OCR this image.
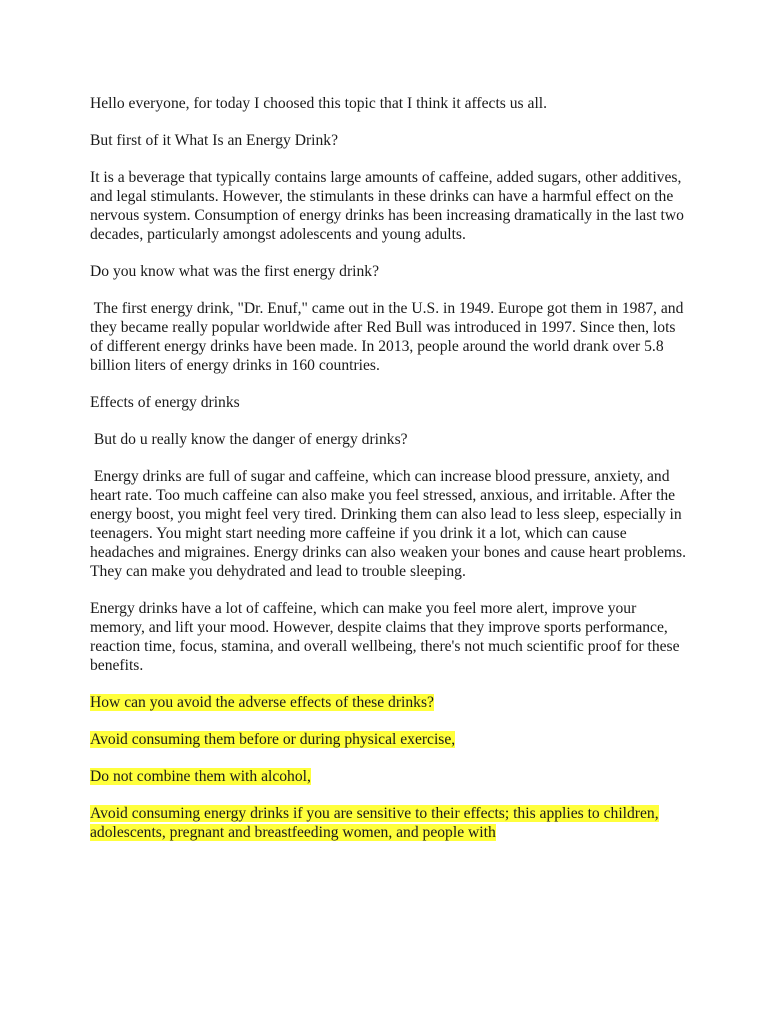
Hello everyone, for today I choosed this topic that I think it affects us all.

But first of it What Is an Energy Drink?

It is a beverage that typically contains large amounts of caffeine, added sugars, other additives, and legal stimulants. However, the stimulants in these drinks can have a harmful effect on the nervous system. Consumption of energy drinks has been increasing dramatically in the last two decades, particularly amongst adolescents and young adults.

Do you know what was the first energy drink?

The first energy drink, "Dr. Enuf," came out in the U.S. in 1949. Europe got them in 1987, and they became really popular worldwide after Red Bull was introduced in 1997. Since then, lots of different energy drinks have been made. In 2013, people around the world drank over 5.8 billion liters of energy drinks in 160 countries.

Effects of energy drinks

But do u really know the danger of energy drinks?

Energy drinks are full of sugar and caffeine, which can increase blood pressure, anxiety, and heart rate. Too much caffeine can also make you feel stressed, anxious, and irritable. After the energy boost, you might feel very tired. Drinking them can also lead to less sleep, especially in teenagers. You might start needing more caffeine if you drink it a lot, which can cause headaches and migraines. Energy drinks can also weaken your bones and cause heart problems. They can make you dehydrated and lead to trouble sleeping.

Energy drinks have a lot of caffeine, which can make you feel more alert, improve your memory, and lift your mood. However, despite claims that they improve sports performance, reaction time, focus, stamina, and overall wellbeing, there's not much scientific proof for these benefits.

How can you avoid the adverse effects of these drinks?

Avoid consuming them before or during physical exercise,

Do not combine them with alcohol,

Avoid consuming energy drinks if you are sensitive to their effects; this applies to children, adolescents, pregnant and breastfeeding women, and people with
